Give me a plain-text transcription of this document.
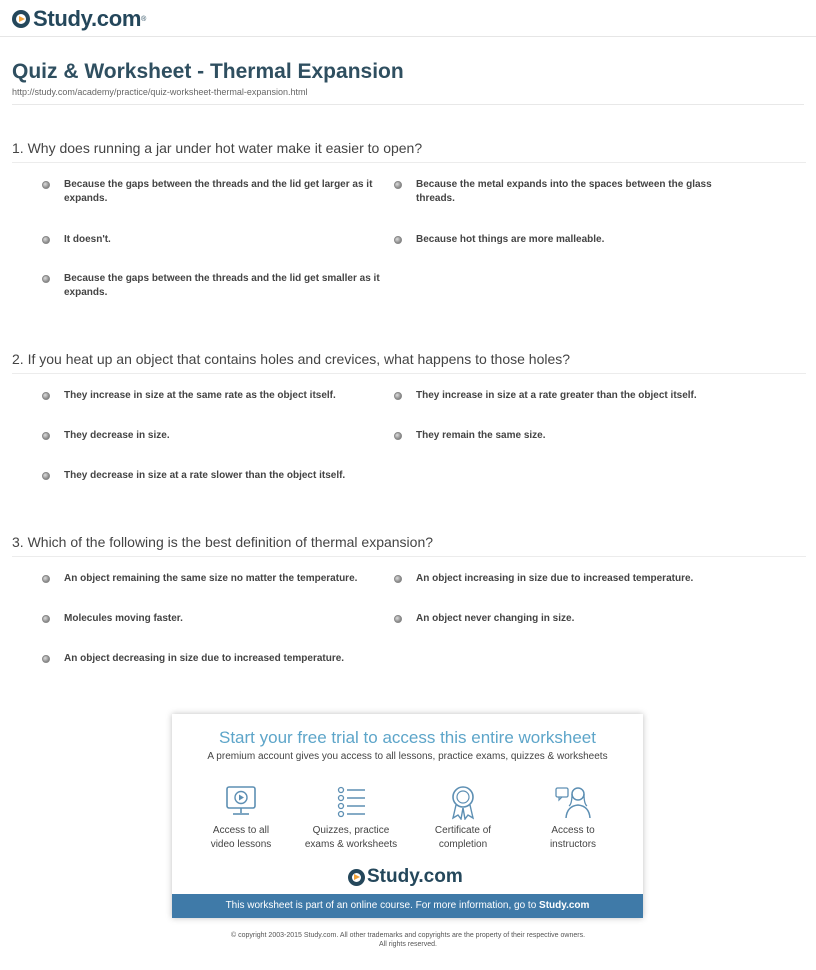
Study.com ®
Quiz & Worksheet - Thermal Expansion
http://study.com/academy/practice/quiz-worksheet-thermal-expansion.html
1. Why does running a jar under hot water make it easier to open?
Because the gaps between the threads and the lid get larger as it expands.
Because the metal expands into the spaces between the glass threads.
It doesn't.	Because hot things are more malleable.
Because the gaps between the threads and the lid get smaller as it expands.
2. If you heat up an object that contains holes and crevices, what happens to those holes?
They increase in size at the same rate as the object itself.	They increase in size at a rate greater than the object itself.
They decrease in size.	They remain the same size.
They decrease in size at a rate slower than the object itself.
3. Which of the following is the best definition of thermal expansion?
An object remaining the same size no matter the temperature.	An object increasing in size due to increased temperature.
Molecules moving faster.	An object never changing in size.
An object decreasing in size due to increased temperature.
Start your free trial to access this entire worksheet
A premium account gives you access to all lessons, practice exams, quizzes & worksheets
Access to all
video lessons
Quizzes, practice
exams & worksheets
Certificate of
completion
Access to
instructors
Study.com
This worksheet is part of an online course. For more information, go to Study.com
© copyright 2003-2015 Study.com. All other trademarks and copyrights are the property of their respective owners.
All rights reserved.
